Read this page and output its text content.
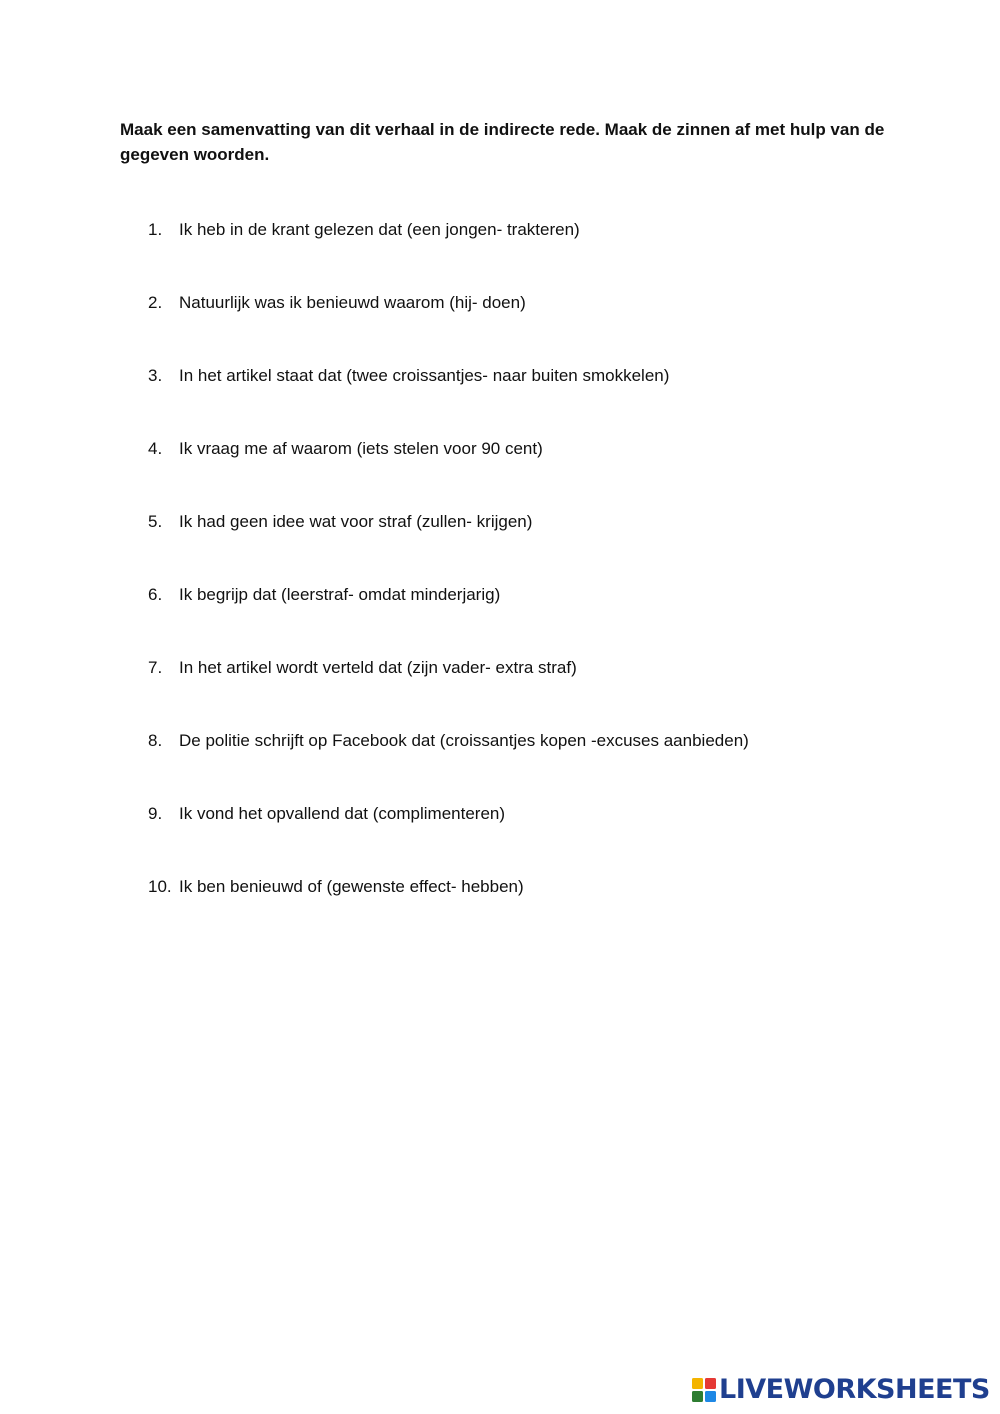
Maak een samenvatting van dit verhaal in de indirecte rede. Maak de zinnen af met hulp van de gegeven woorden.

1. Ik heb in de krant gelezen dat (een jongen- trakteren)
2. Natuurlijk was ik benieuwd waarom (hij- doen)
3. In het artikel staat dat (twee croissantjes- naar buiten smokkelen)
4. Ik vraag me af waarom (iets stelen voor 90 cent)
5. Ik had geen idee wat voor straf (zullen- krijgen)
6. Ik begrijp dat (leerstraf- omdat minderjarig)
7. In het artikel wordt verteld dat (zijn vader- extra straf)
8. De politie schrijft op Facebook dat (croissantjes kopen -excuses aanbieden)
9. Ik vond het opvallend dat (complimenteren)
10. Ik ben benieuwd of (gewenste effect- hebben)
LIVEWORKSHEETS
